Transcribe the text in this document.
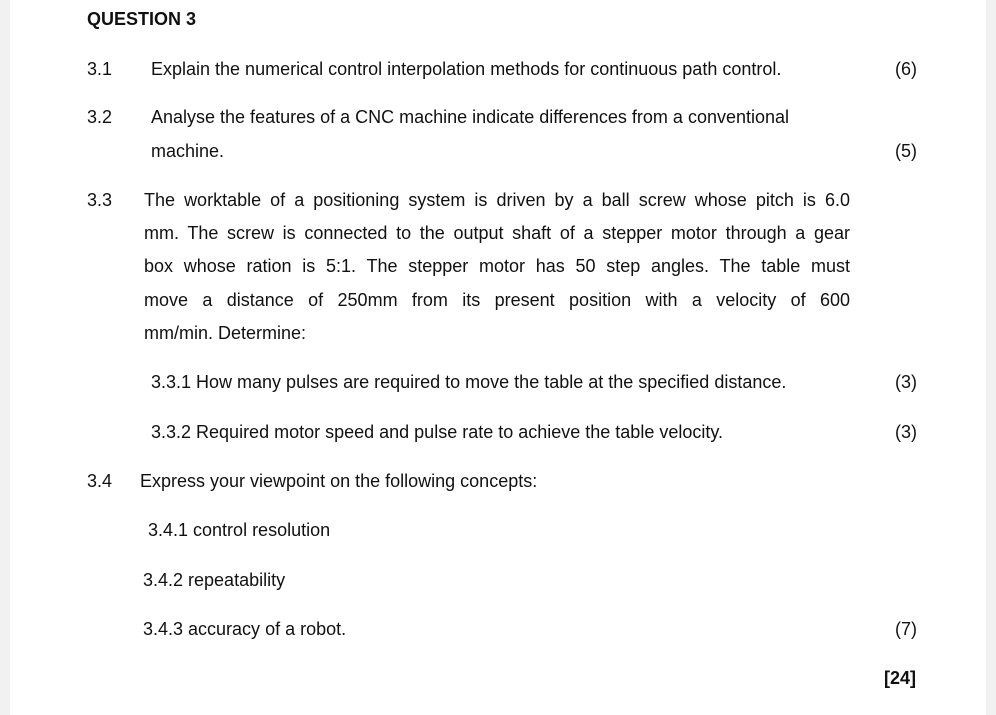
QUESTION 3
3.1 Explain the numerical control interpolation methods for continuous path control.	(6)
3.2 Analyse the features of a CNC machine indicate differences from a conventional
machine.	(5)
3.3 The worktable of a positioning system is driven by a ball screw whose pitch is 6.0
mm. The screw is connected to the output shaft of a stepper motor through a gear
box whose ration is 5:1. The stepper motor has 50 step angles. The table must
move a distance of 250mm from its present position with a velocity of 600
mm/min. Determine:
3.3.1 How many pulses are required to move the table at the specified distance.	(3)
3.3.2 Required motor speed and pulse rate to achieve the table velocity.	(3)
3.4 Express your viewpoint on the following concepts:
3.4.1 control resolution
3.4.2 repeatability
3.4.3 accuracy of a robot.	(7)
[24]
